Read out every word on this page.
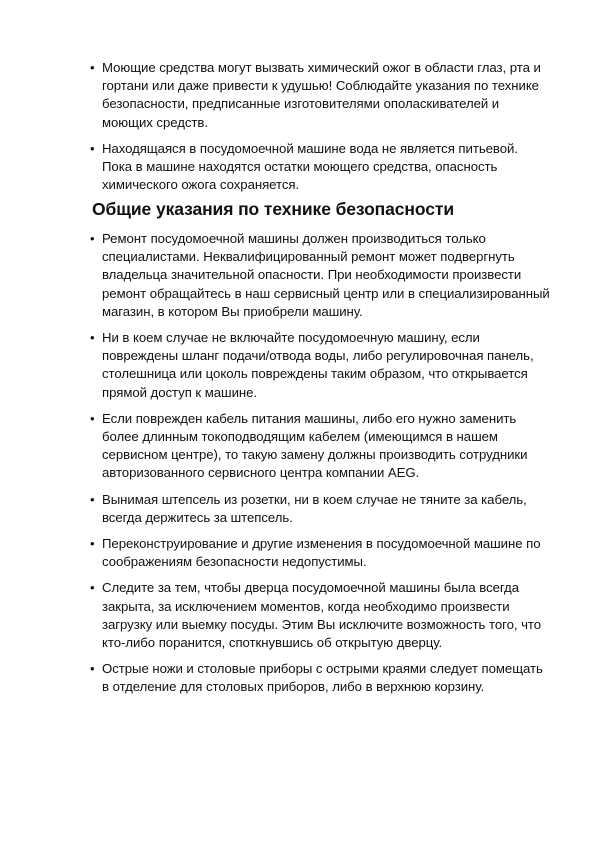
• Моющие средства могут вызвать химический ожог в области глаз, рта и гортани или даже привести к удушью! Соблюдайте указания по технике безопасности, предписанные изготовителями ополаскивателей и моющих средств.
• Находящаяся в посудомоечной машине вода не является питьевой. Пока в машине находятся остатки моющего средства, опасность химического ожога сохраняется.
Общие указания по технике безопасности
• Ремонт посудомоечной машины должен производиться только специалистами. Неквалифицированный ремонт может подвергнуть владельца значительной опасности. При необходимости произвести ремонт обращайтесь в наш сервисный центр или в специализированный магазин, в котором Вы приобрели машину.
• Ни в коем случае не включайте посудомоечную машину, если повреждены шланг подачи/отвода воды, либо регулировочная панель, столешница или цоколь повреждены таким образом, что открывается прямой доступ к машине.
• Если поврежден кабель питания машины, либо его нужно заменить более длинным токоподводящим кабелем (имеющимся в нашем сервисном центре), то такую замену должны производить сотрудники авторизованного сервисного центра компании AEG.
• Вынимая штепсель из розетки, ни в коем случае не тяните за кабель, всегда держитесь за штепсель.
• Переконструирование и другие изменения в посудомоечной машине по соображениям безопасности недопустимы.
• Следите за тем, чтобы дверца посудомоечной машины была всегда закрыта, за исключением моментов, когда необходимо произвести загрузку или выемку посуды. Этим Вы исключите возможность того, что кто-либо поранится, споткнувшись об открытую дверцу.
• Острые ножи и столовые приборы с острыми краями следует помещать в отделение для столовых приборов, либо в верхнюю корзину.
